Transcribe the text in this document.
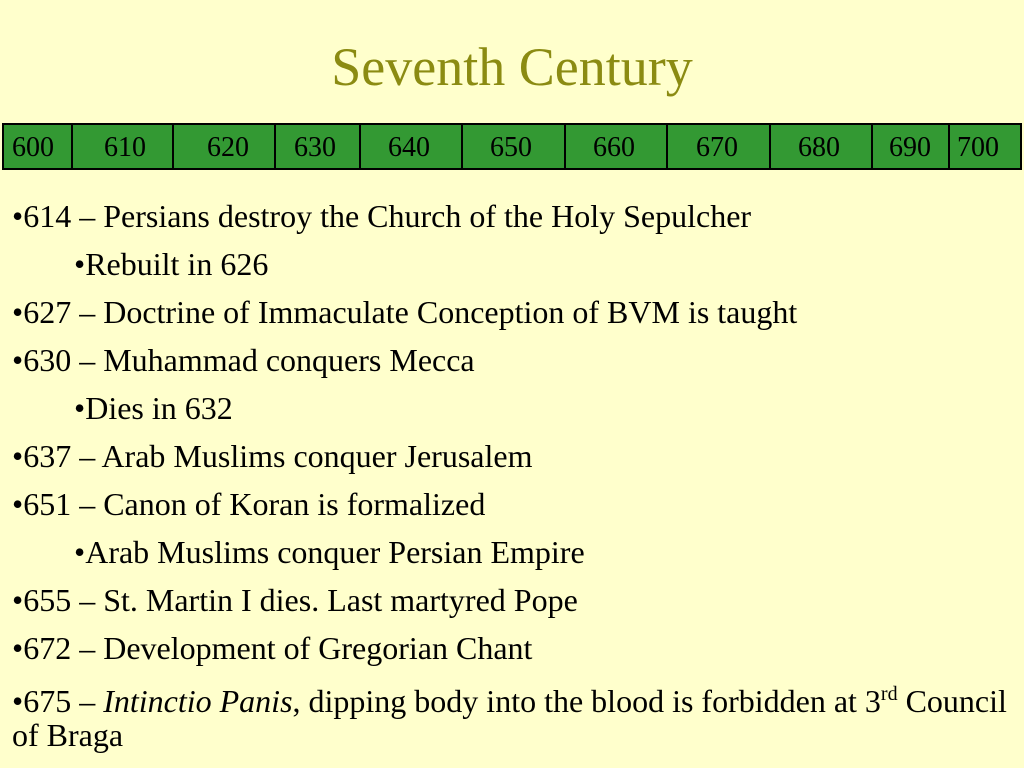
Seventh Century
600 610 620 630 640 650 660 670 680 690 700

•614 – Persians destroy the Church of the Holy Sepulcher

•Rebuilt in 626

•627 – Doctrine of Immaculate Conception of BVM is taught

•630 – Muhammad conquers Mecca

•Dies in 632

•637 – Arab Muslims conquer Jerusalem

•651 – Canon of Koran is formalized

•Arab Muslims conquer Persian Empire

•655 – St. Martin I dies. Last martyred Pope

•672 – Development of Gregorian Chant

•675 – Intinctio Panis, dipping body into the blood is forbidden at 3rd Council of Braga
